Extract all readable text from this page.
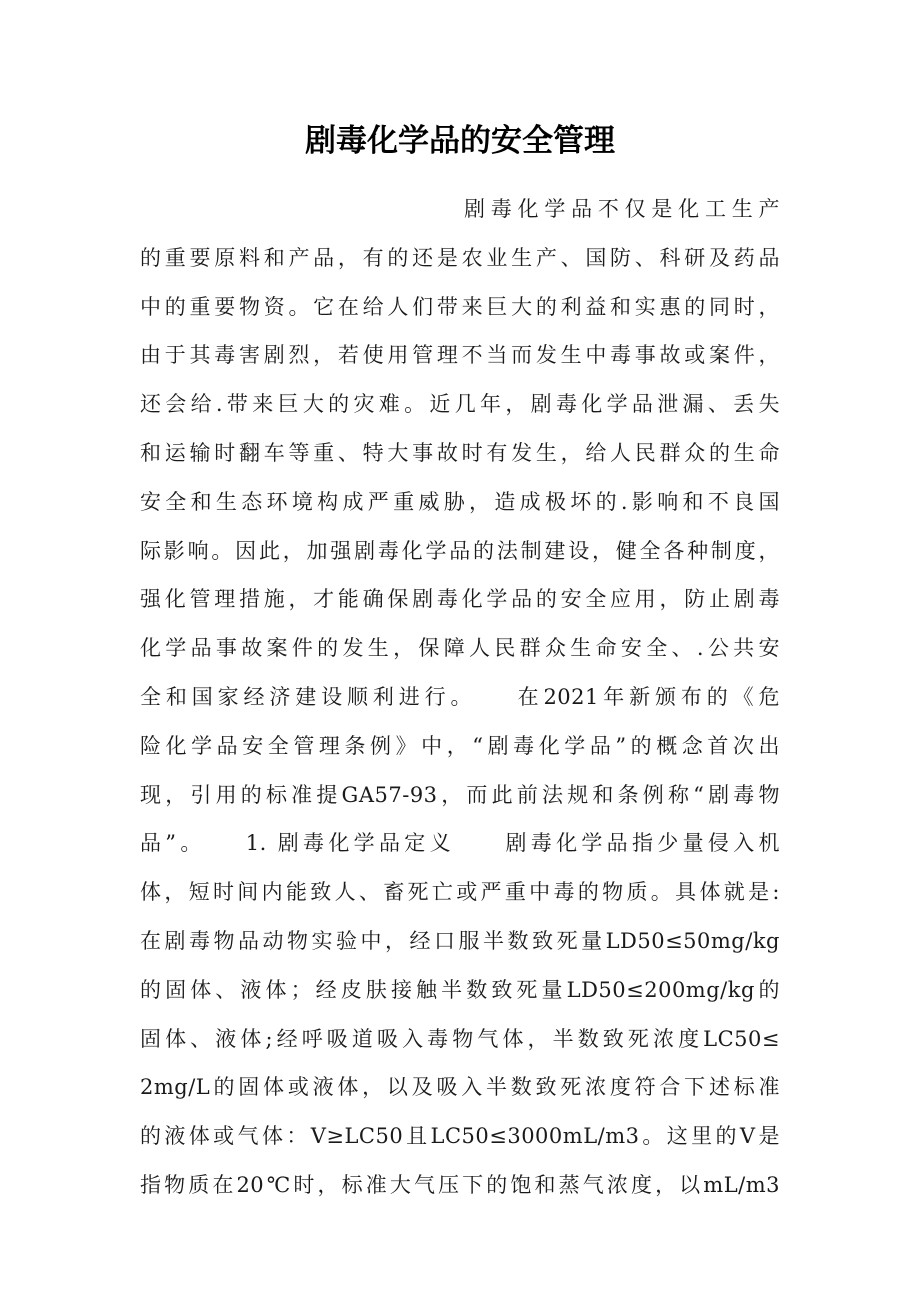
剧毒化学品的安全管理
剧毒化学品不仅是化工生产
的重要原料和产品，有的还是农业生产、国防、科研及药品
中的重要物资。它在给人们带来巨大的利益和实惠的同时，
由于其毒害剧烈，若使用管理不当而发生中毒事故或案件，
还会给.带来巨大的灾难。近几年，剧毒化学品泄漏、丢失
和运输时翻车等重、特大事故时有发生，给人民群众的生命
安全和生态环境构成严重威胁，造成极坏的.影响和不良国
际影响。因此，加强剧毒化学品的法制建设，健全各种制度，
强化管理措施，才能确保剧毒化学品的安全应用，防止剧毒
化学品事故案件的发生，保障人民群众生命安全、.公共安
全和国家经济建设顺利进行。　　在2021年新颁布的《危
险化学品安全管理条例》中，“剧毒化学品”的概念首次出
现，引用的标准提GA57-93，而此前法规和条例称“剧毒物
品”。　　1. 剧毒化学品定义　　剧毒化学品指少量侵入机
体，短时间内能致人、畜死亡或严重中毒的物质。具体就是:
在剧毒物品动物实验中，经口服半数致死量LD50≤50mg/kg
的固体、液体；经皮肤接触半数致死量LD50≤200mg/kg的
固体、液体;经呼吸道吸入毒物气体，半数致死浓度LC50≤
2mg/L的固体或液体，以及吸入半数致死浓度符合下述标准
的液体或气体：V≥LC50且LC50≤3000mL/m3。这里的V是
指物质在20℃时，标准大气压下的饱和蒸气浓度，以mL/m3
